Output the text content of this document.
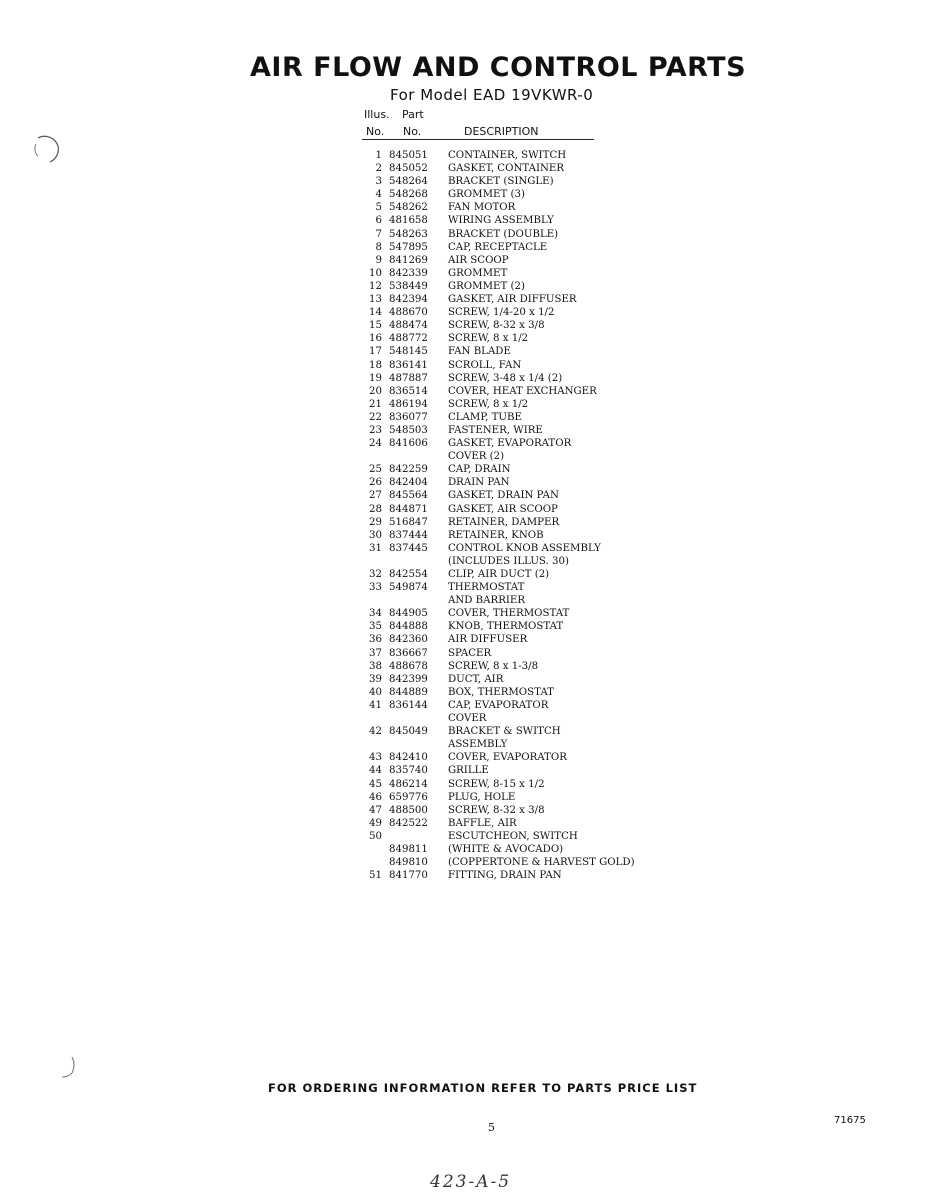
AIR FLOW AND CONTROL PARTS
For Model EAD 19VKWR-0
Illus. Part
No. No.	DESCRIPTION
1 845051	CONTAINER, SWITCH
2 845052	GASKET, CONTAINER
3 548264	BRACKET (SINGLE)
4 548268	GROMMET (3)
5 548262	FAN MOTOR
6 481658	WIRING ASSEMBLY
7 548263	BRACKET (DOUBLE)
8 547895	CAP, RECEPTACLE
9 841269	AIR SCOOP
10 842339	GROMMET
12 538449	GROMMET (2)
13 842394	GASKET, AIR DIFFUSER
14 488670	SCREW, 1/4-20 x 1/2
15 488474	SCREW, 8-32 x 3/8
16 488772	SCREW, 8 x 1/2
17 548145	FAN BLADE
18 836141	SCROLL, FAN
19 487887	SCREW, 3-48 x 1/4 (2)
20 836514	COVER, HEAT EXCHANGER
21 486194	SCREW, 8 x 1/2
22 836077	CLAMP, TUBE
23 548503	FASTENER, WIRE
24 841606	GASKET, EVAPORATOR
COVER (2)
25 842259	CAP, DRAIN
26 842404	DRAIN PAN
27 845564	GASKET, DRAIN PAN
28 844871	GASKET, AIR SCOOP
29 516847	RETAINER, DAMPER
30 837444	RETAINER, KNOB
31 837445	CONTROL KNOB ASSEMBLY
(INCLUDES ILLUS. 30)
32 842554	CLIP, AIR DUCT (2)
33 549874	THERMOSTAT
AND BARRIER
34 844905	COVER, THERMOSTAT
35 844888	KNOB, THERMOSTAT
36 842360	AIR DIFFUSER
37 836667	SPACER
38 488678	SCREW, 8 x 1-3/8
39 842399	DUCT, AIR
40 844889	BOX, THERMOSTAT
41 836144	CAP, EVAPORATOR
COVER
42 845049	BRACKET & SWITCH
ASSEMBLY
43 842410	COVER, EVAPORATOR
44 835740	GRILLE
45 486214	SCREW, 8-15 x 1/2
46 659776	PLUG, HOLE
47 488500	SCREW, 8-32 x 3/8
49 842522	BAFFLE, AIR
50	ESCUTCHEON, SWITCH
849811	(WHITE & AVOCADO)
849810	(COPPERTONE & HARVEST GOLD)
51 841770	FITTING, DRAIN PAN
FOR ORDERING INFORMATION REFER TO PARTS PRICE LIST
5
71675
423-A-5
